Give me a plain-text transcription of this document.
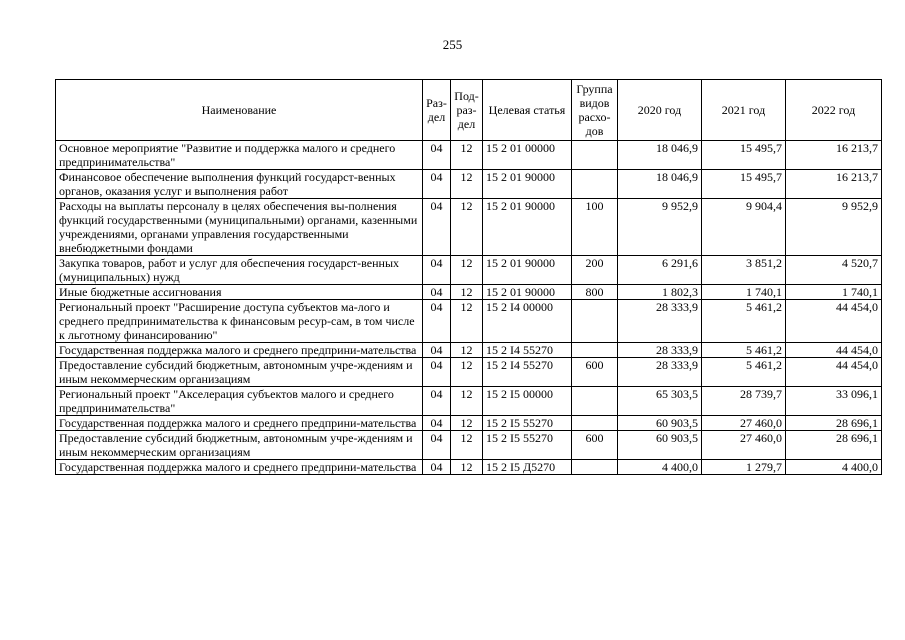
255
Наименование	Раз-дел	Под-раз-дел	Целевая статья	Группа видов расхо-дов	2020 год	2021 год	2022 год
Основное мероприятие "Развитие и поддержка малого и среднего предпринимательства"	04	12	15 2 01 00000		18 046,9	15 495,7	16 213,7
Финансовое обеспечение выполнения функций государст-венных органов, оказания услуг и выполнения работ	04	12	15 2 01 90000		18 046,9	15 495,7	16 213,7
Расходы на выплаты персоналу в целях обеспечения вы-полнения функций государственными (муниципальными) органами, казенными учреждениями, органами управления государственными внебюджетными фондами	04	12	15 2 01 90000	100	9 952,9	9 904,4	9 952,9
Закупка товаров, работ и услуг для обеспечения государст-венных (муниципальных) нужд	04	12	15 2 01 90000	200	6 291,6	3 851,2	4 520,7
Иные бюджетные ассигнования	04	12	15 2 01 90000	800	1 802,3	1 740,1	1 740,1
Региональный проект "Расширение доступа субъектов ма-лого и среднего предпринимательства к финансовым ресур-сам, в том числе к льготному финансированию"	04	12	15 2 I4 00000		28 333,9	5 461,2	44 454,0
Государственная поддержка малого и среднего предприни-мательства	04	12	15 2 I4 55270		28 333,9	5 461,2	44 454,0
Предоставление субсидий бюджетным, автономным учре-ждениям и иным некоммерческим организациям	04	12	15 2 I4 55270	600	28 333,9	5 461,2	44 454,0
Региональный проект "Акселерация субъектов малого и среднего предпринимательства"	04	12	15 2 I5 00000		65 303,5	28 739,7	33 096,1
Государственная поддержка малого и среднего предприни-мательства	04	12	15 2 I5 55270		60 903,5	27 460,0	28 696,1
Предоставление субсидий бюджетным, автономным учре-ждениям и иным некоммерческим организациям	04	12	15 2 I5 55270	600	60 903,5	27 460,0	28 696,1
Государственная поддержка малого и среднего предприни-мательства	04	12	15 2 I5 Д5270		4 400,0	1 279,7	4 400,0
